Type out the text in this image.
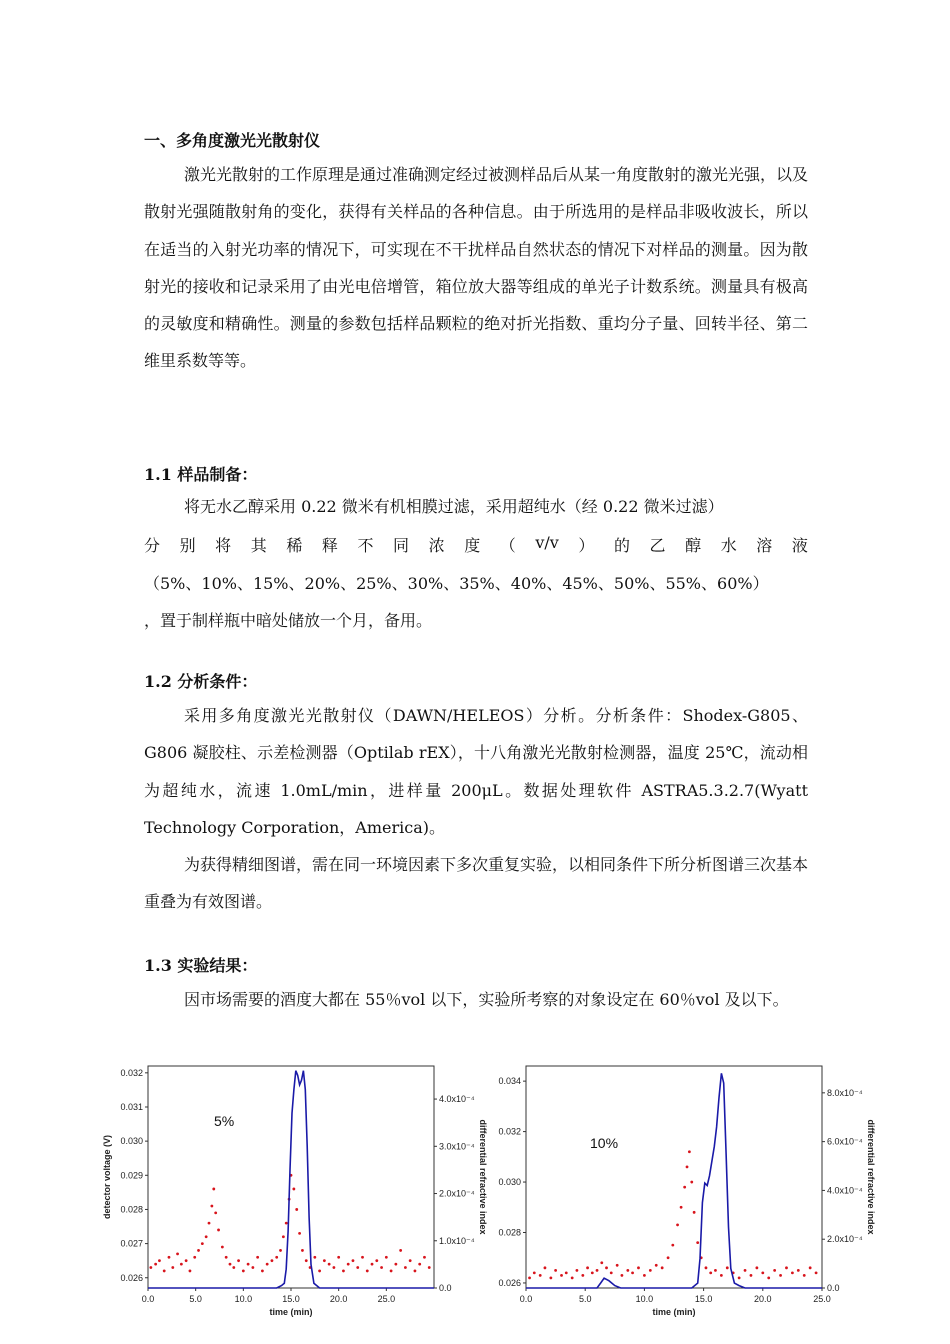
一、多角度激光光散射仪

激光光散射的工作原理是通过准确测定经过被测样品后从某一角度散射的激光光强，以及散射光强随散射角的变化，获得有关样品的各种信息。由于所选用的是样品非吸收波长，所以在适当的入射光功率的情况下，可实现在不干扰样品自然状态的情况下对样品的测量。因为散射光的接收和记录采用了由光电倍增管，箱位放大器等组成的单光子计数系统。测量具有极高的灵敏度和精确性。测量的参数包括样品颗粒的绝对折光指数、重均分子量、回转半径、第二维里系数等等。

1.1 样品制备：
将无水乙醇采用 0.22 微米有机相膜过滤，采用超纯水（经 0.22 微米过滤）
分 别 将 其 稀 释 不 同 浓 度 （ v/v ） 的 乙 醇 水 溶 液
（5%、10%、15%、20%、25%、30%、35%、40%、45%、50%、55%、60%）
，置于制样瓶中暗处储放一个月，备用。
1.2 分析条件：

采用多角度激光光散射仪（DAWN/HELEOS）分析。分析条件：Shodex-G805、G806 凝胶柱、示差检测器（Optilab rEX），十八角激光光散射检测器，温度 25℃，流动相为超纯水，流速 1.0mL/min，进样量 200μL。数据处理软件 ASTRA5.3.2.7(Wyatt Technology Corporation，America)。

为获得精细图谱，需在同一环境因素下多次重复实验，以相同条件下所分析图谱三次基本重叠为有效图谱。

1.3 实验结果：

因市场需要的酒度大都在 55％vol 以下，实验所考察的对象设定在 60％vol 及以下。

0.0	5.0	10.0	15.0	20.0	25.0
0.026
0.027
0.028
0.029
0.030
0.031
0.032
0.0
1.0x10⁻⁴
2.0x10⁻⁴
3.0x10⁻⁴
4.0x10⁻⁴
time (min)
detector voltage (V)	differential refractive index
5%
0.0	5.0	10.0	15.0	20.0	25.0
0.026
0.028
0.030
0.032
0.034
0.0
2.0x10⁻⁴
4.0x10⁻⁴
6.0x10⁻⁴
8.0x10⁻⁴
time (min)
differential refractive index
10%
